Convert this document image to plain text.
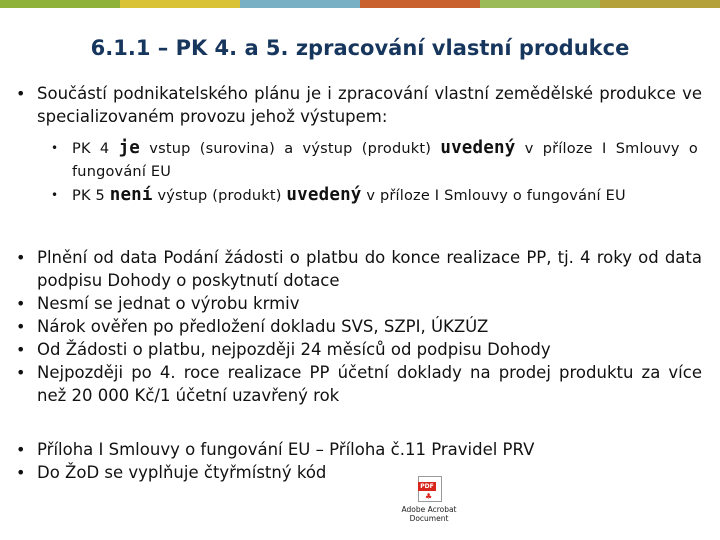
6.1.1 – PK 4. a 5. zpracování vlastní produkce
• Součástí podnikatelského plánu je i zpracování vlastní zemědělské produkce ve specializovaném provozu jehož výstupem:
• PK 4 je vstup (surovina) a výstup (produkt) uvedený v příloze I Smlouvy o fungování EU
• PK 5 není výstup (produkt) uvedený v příloze I Smlouvy o fungování EU
• Plnění od data Podání žádosti o platbu do konce realizace PP, tj. 4 roky od data podpisu Dohody o poskytnutí dotace
• Nesmí se jednat o výrobu krmiv
• Nárok ověřen po předložení dokladu SVS, SZPI, ÚKZÚZ
• Od Žádosti o platbu, nejpozději 24 měsíců od podpisu Dohody
• Nejpozději po 4. roce realizace PP účetní doklady na prodej produktu za více než 20 000 Kč/1 účetní uzavřený rok
• Příloha I Smlouvy o fungování EU – Příloha č.11 Pravidel PRV
• Do ŽoD se vyplňuje čtyřmístný kód
PDF
♣
Adobe Acrobat
Document
